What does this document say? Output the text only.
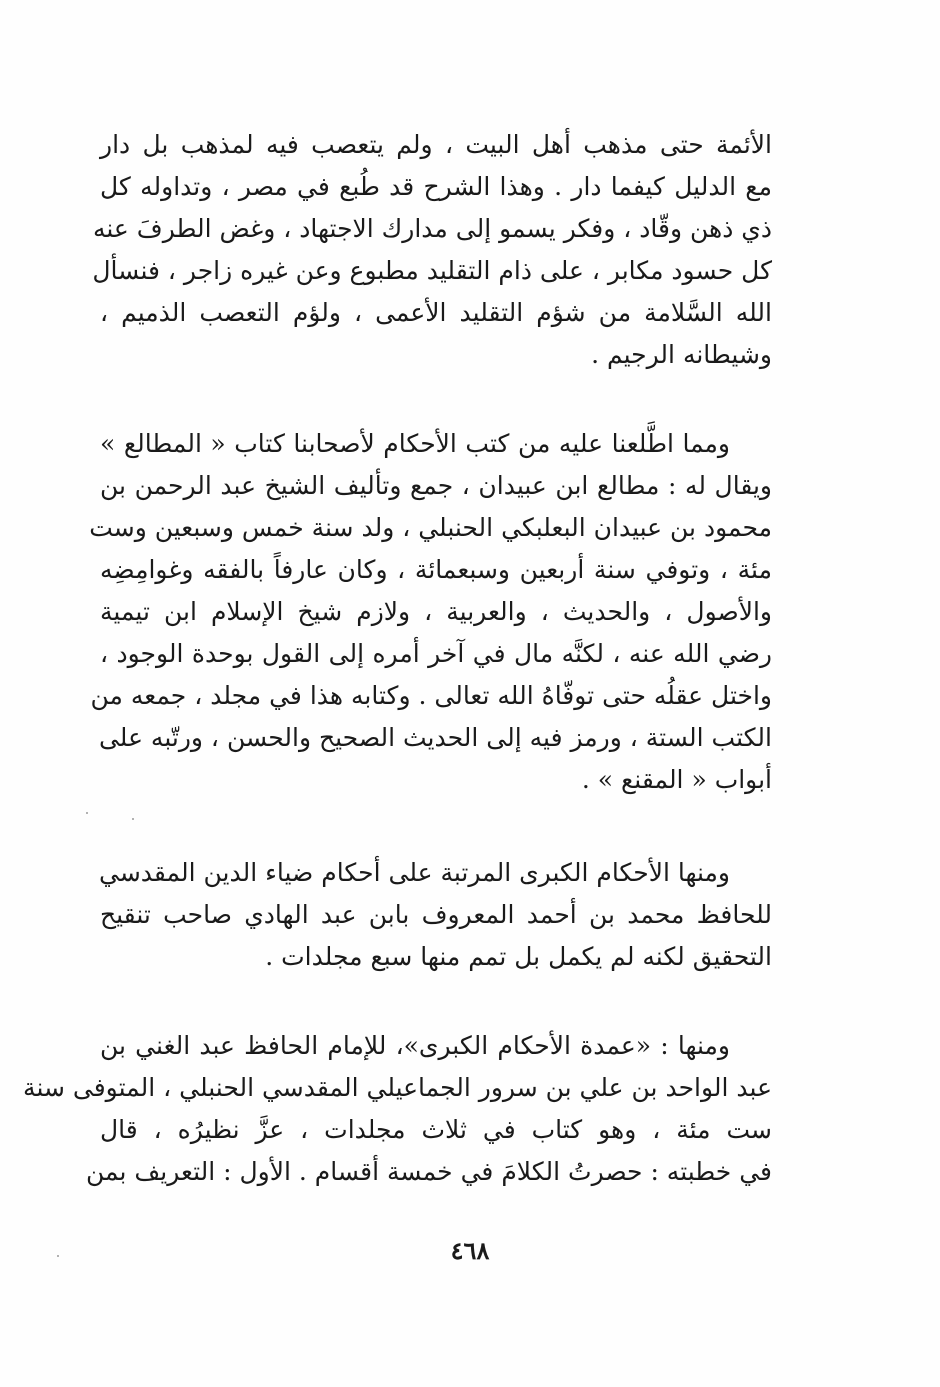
الأئمة حتى مذهب أهل البيت ، ولم يتعصب فيه لمذهب بل دار
مع الدليل كيفما دار . وهذا الشرح قد طُبع في مصر ، وتداوله كل
ذي ذهن وقّاد ، وفكر يسمو إلى مدارك الاجتهاد ، وغض الطرفَ عنه
كل حسود مكابر ، على ذام التقليد مطبوع وعن غيره زاجر ، فنسأل
الله السَّلامة من شؤم التقليد الأعمى ، ولؤم التعصب الذميم ،
وشيطانه الرجيم .
ومما اطَّلعنا عليه من كتب الأحكام لأصحابنا كتاب « المطالع »
ويقال له : مطالع ابن عبيدان ، جمع وتأليف الشيخ عبد الرحمن بن
محمود بن عبيدان البعلبكي الحنبلي ، ولد سنة خمس وسبعين وست
مئة ، وتوفي سنة أربعين وسبعمائة ، وكان عارفاً بالفقه وغوامِضِه
والأصول ، والحديث ، والعربية ، ولازم شيخ الإسلام ابن تيمية
رضي الله عنه ، لكنَّه مال في آخر أمره إلى القول بوحدة الوجود ،
واختل عقلُه حتى توفّاهُ الله تعالى . وكتابه هذا في مجلد ، جمعه من
الكتب الستة ، ورمز فيه إلى الحديث الصحيح والحسن ، ورتّبه على
أبواب « المقنع » .
ومنها الأحكام الكبرى المرتبة على أحكام ضياء الدين المقدسي
للحافظ محمد بن أحمد المعروف بابن عبد الهادي صاحب تنقيح
التحقيق لكنه لم يكمل بل تمم منها سبع مجلدات .
ومنها : «عمدة الأحكام الكبرى»، للإمام الحافظ عبد الغني بن
عبد الواحد بن علي بن سرور الجماعيلي المقدسي الحنبلي ، المتوفى سنة
ست مئة ، وهو كتاب في ثلاث مجلدات ، عزَّ نظيرُه ، قال
في خطبته : حصرتُ الكلامَ في خمسة أقسام . الأول : التعريف بمن
٤٦٨
